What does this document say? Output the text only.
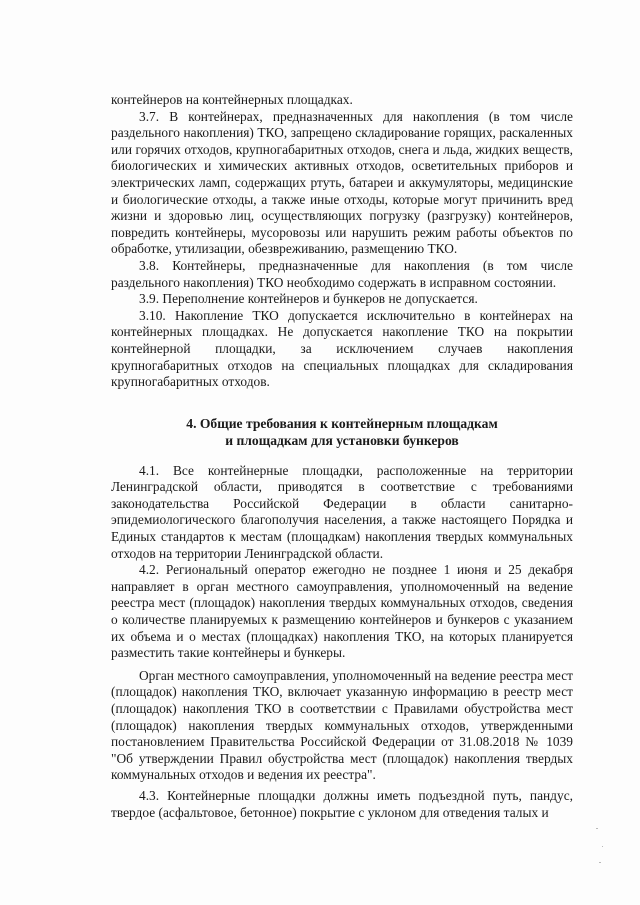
контейнеров на контейнерных площадках.

3.7. В контейнерах, предназначенных для накопления (в том числе раздельного накопления) ТКО, запрещено складирование горящих, раскаленных или горячих отходов, крупногабаритных отходов, снега и льда, жидких веществ, биологических и химических активных отходов, осветительных приборов и электрических ламп, содержащих ртуть, батареи и аккумуляторы, медицинские и биологические отходы, а также иные отходы, которые могут причинить вред жизни и здоровью лиц, осуществляющих погрузку (разгрузку) контейнеров, повредить контейнеры, мусоровозы или нарушить режим работы объектов по обработке, утилизации, обезвреживанию, размещению ТКО.

3.8. Контейнеры, предназначенные для накопления (в том числе раздельного накопления) ТКО необходимо содержать в исправном состоянии.

3.9. Переполнение контейнеров и бункеров не допускается.

3.10. Накопление ТКО допускается исключительно в контейнерах на контейнерных площадках. Не допускается накопление ТКО на покрытии контейнерной площадки, за исключением случаев накопления крупногабаритных отходов на специальных площадках для складирования крупногабаритных отходов.

4. Общие требования к контейнерным площадкам
и площадкам для установки бункеров

4.1. Все контейнерные площадки, расположенные на территории Ленинградской области, приводятся в соответствие с требованиями законодательства Российской Федерации в области санитарно-эпидемиологического благополучия населения, а также настоящего Порядка и Единых стандартов к местам (площадкам) накопления твердых коммунальных отходов на территории Ленинградской области.

4.2. Региональный оператор ежегодно не позднее 1 июня и 25 декабря направляет в орган местного самоуправления, уполномоченный на ведение реестра мест (площадок) накопления твердых коммунальных отходов, сведения о количестве планируемых к размещению контейнеров и бункеров с указанием их объема и о местах (площадках) накопления ТКО, на которых планируется разместить такие контейнеры и бункеры.

Орган местного самоуправления, уполномоченный на ведение реестра мест (площадок) накопления ТКО, включает указанную информацию в реестр мест (площадок) накопления ТКО в соответствии с Правилами обустройства мест (площадок) накопления твердых коммунальных отходов, утвержденными постановлением Правительства Российской Федерации от 31.08.2018 № 1039 "Об утверждении Правил обустройства мест (площадок) накопления твердых коммунальных отходов и ведения их реестра".

4.3. Контейнерные площадки должны иметь подъездной путь, пандус, твердое (асфальтовое, бетонное) покрытие с уклоном для отведения талых и
